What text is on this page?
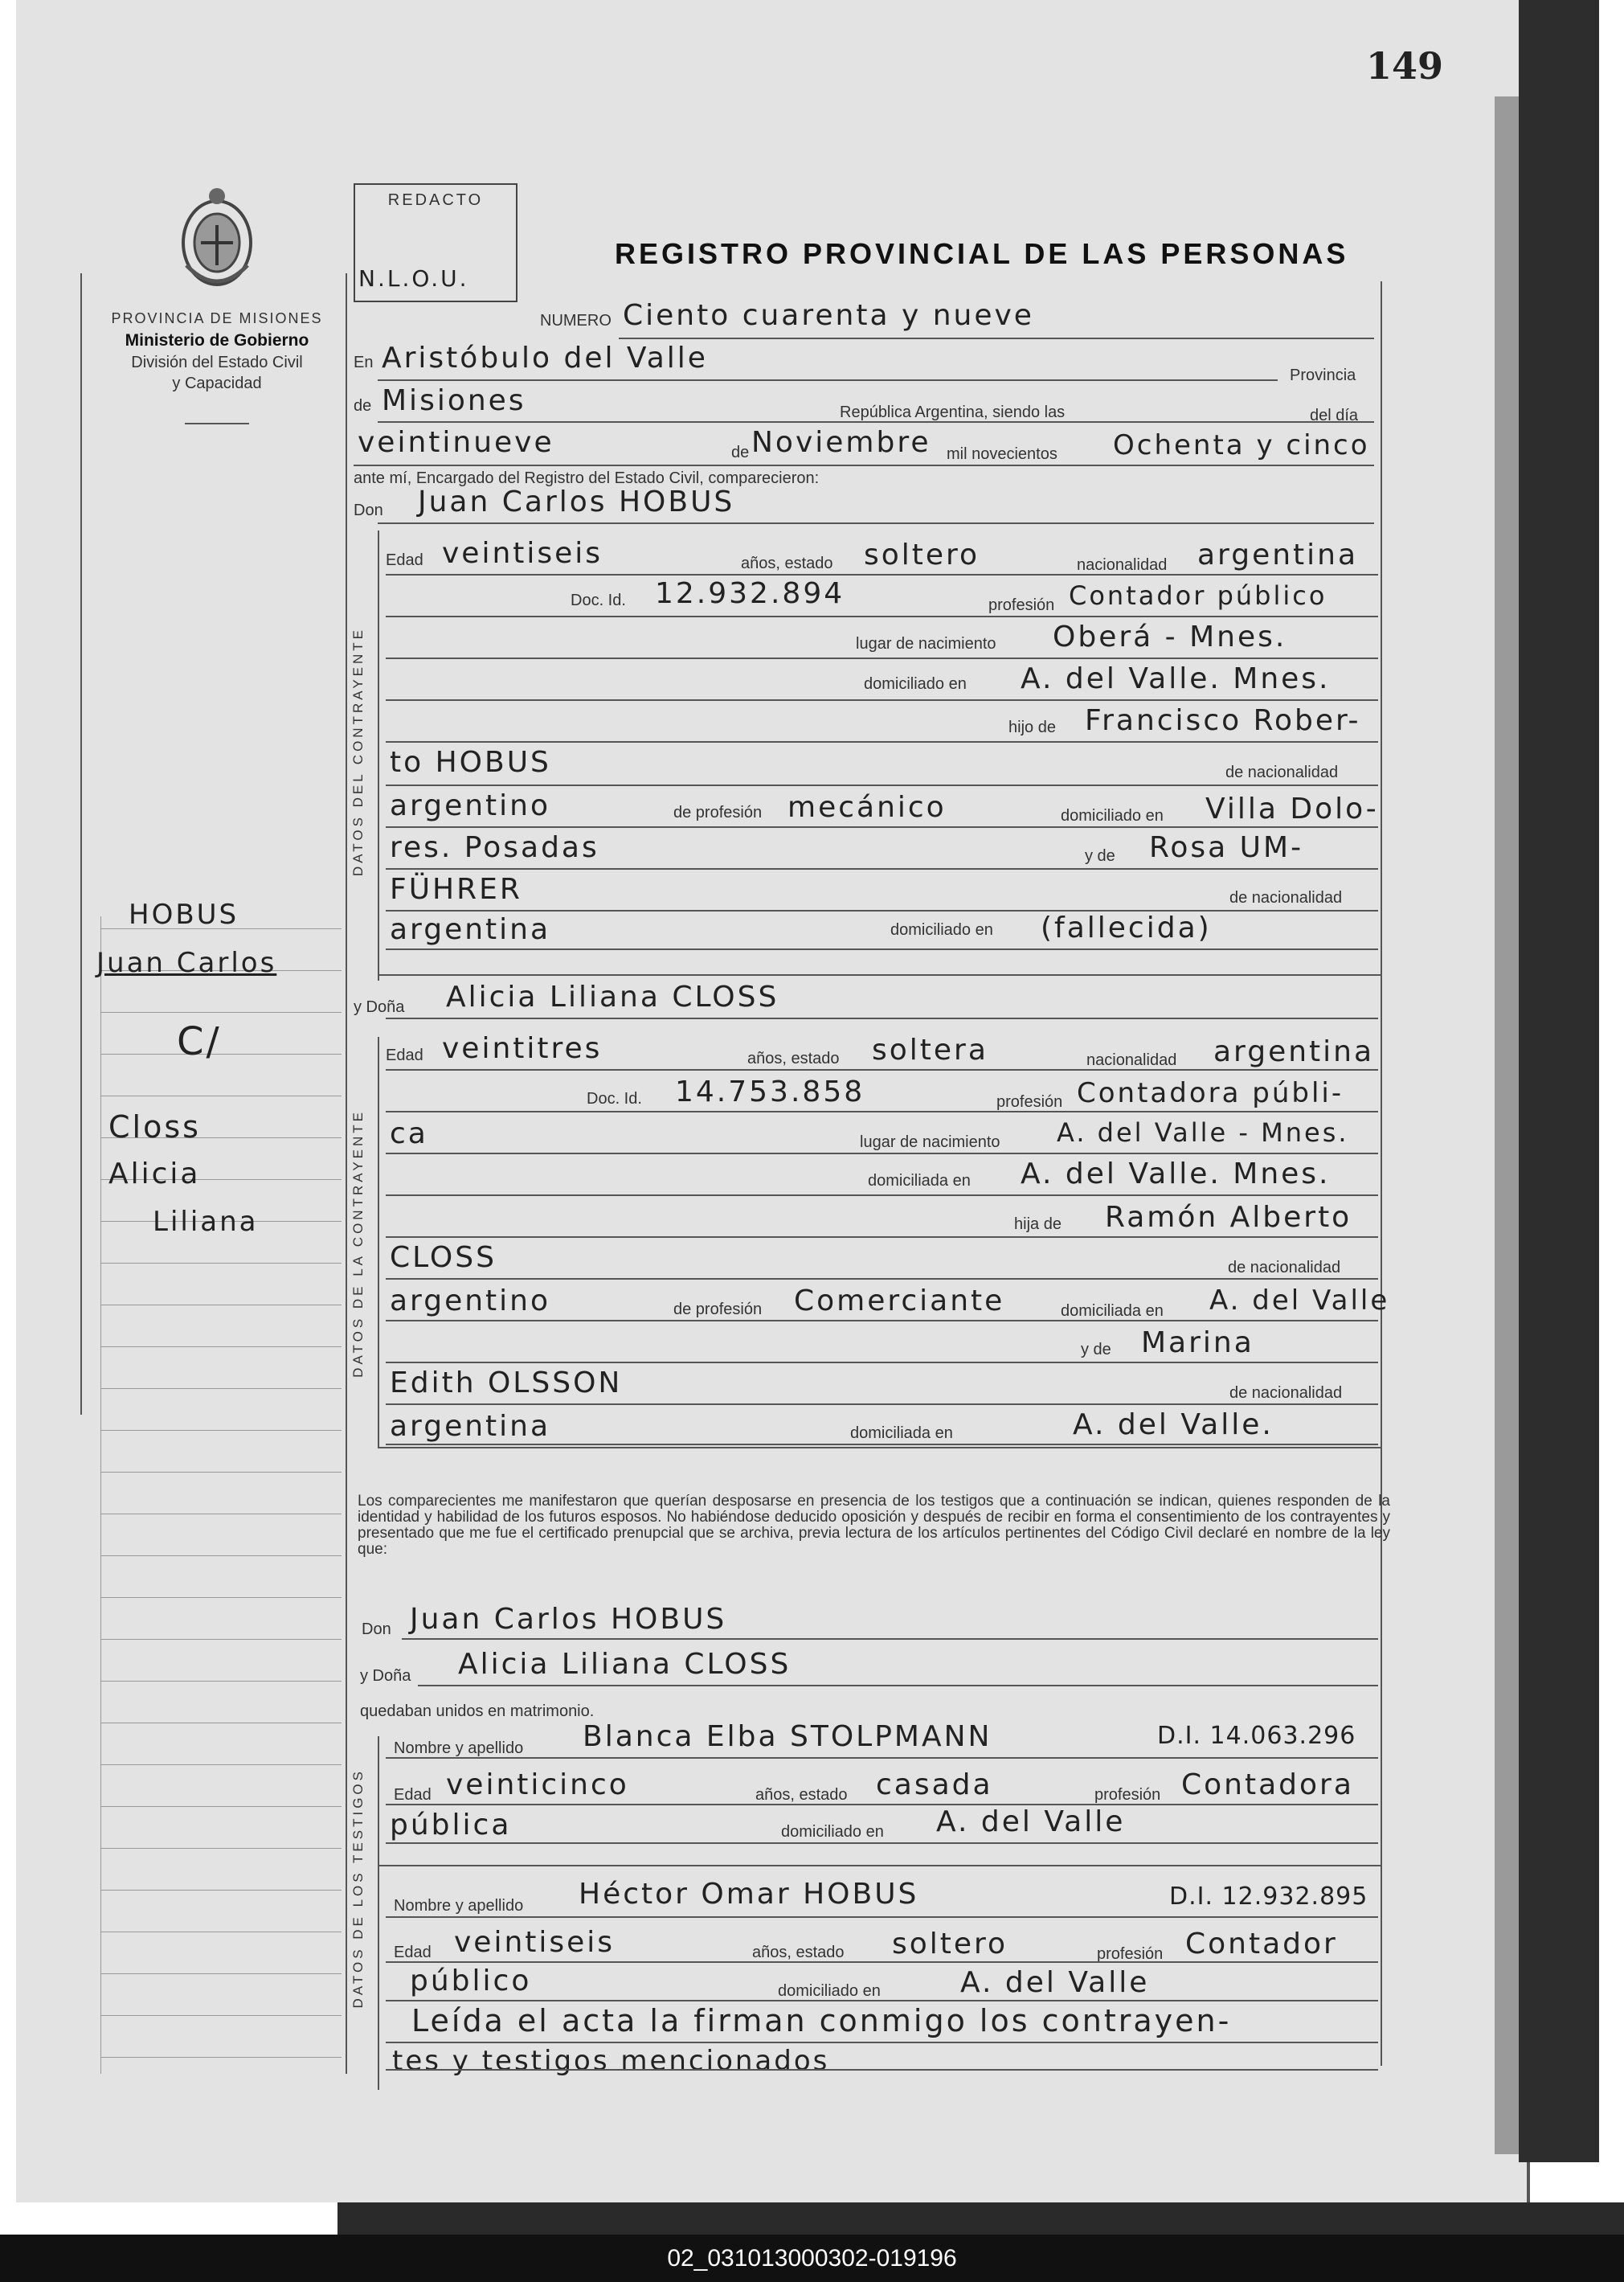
02_031013000302-019196
149
PROVINCIA DE MISIONES
Ministerio de Gobierno
División del Estado Civil
y Capacidad
HOBUS
Juan Carlos
C/
Closs
Alicia
Liliana
REDACTO
N.L.O.U.
REGISTRO PROVINCIAL DE LAS PERSONAS
DATOS DEL CONTRAYENTE
DATOS DE LA CONTRAYENTE
DATOS DE LOS TESTIGOS
NUMERO Ciento cuarenta y nueve
En Aristóbulo del Valle
Provincia
de Misiones	República Argentina, siendo las	del día
veintinueve	de Noviembre mil novecientos Ochenta y cinco
ante mí, Encargado del Registro del Estado Civil, comparecieron:
Don Juan Carlos HOBUS
Edad veintiseis	años, estado soltero	nacionalidad argentina
Doc. Id. 12.932.894	profesión Contador público
lugar de nacimiento Oberá - Mnes.
domiciliado en A. del Valle. Mnes.
hijo de Francisco Rober-
to HOBUS	de nacionalidad
argentino	de profesión mecánico	domiciliado en Villa Dolo-
res. Posadas	y de Rosa UM-
FÜHRER	de nacionalidad
argentina	domiciliado en (fallecida)
y Doña Alicia Liliana CLOSS
Edad veintitres	años, estado soltera	nacionalidad argentina
Doc. Id. 14.753.858	profesión Contadora públi-
ca	lugar de nacimiento A. del Valle - Mnes.
domiciliada en A. del Valle. Mnes.
hija de Ramón Alberto
CLOSS	de nacionalidad
argentino	de profesión Comerciante	domiciliada en A. del Valle
y de Marina
Edith OLSSON	de nacionalidad
argentina	domiciliada en	A. del Valle.
Los comparecientes me manifestaron que querían desposarse en presencia de los testigos que a continuación se indican, quienes responden de la identidad y habilidad de los futuros esposos. No habiéndose deducido oposición y después de recibir en forma el consentimiento de los contrayentes y presentado que me fue el certificado prenupcial que se archiva, previa lectura de los artículos pertinentes del Código Civil declaré en nombre de la ley que:
Don Juan Carlos HOBUS
y Doña Alicia Liliana CLOSS
quedaban unidos en matrimonio.
Nombre y apellido Blanca Elba STOLPMANN	D.I. 14.063.296
Edad veinticinco	años, estado casada	profesión Contadora
pública	domiciliado en A. del Valle
Nombre y apellido Héctor Omar HOBUS	D.I. 12.932.895
Edad veintiseis	años, estado soltero	profesión Contador
público	domiciliado en	A. del Valle
Leída el acta la firman conmigo los contrayen-
tes y testigos mencionados
